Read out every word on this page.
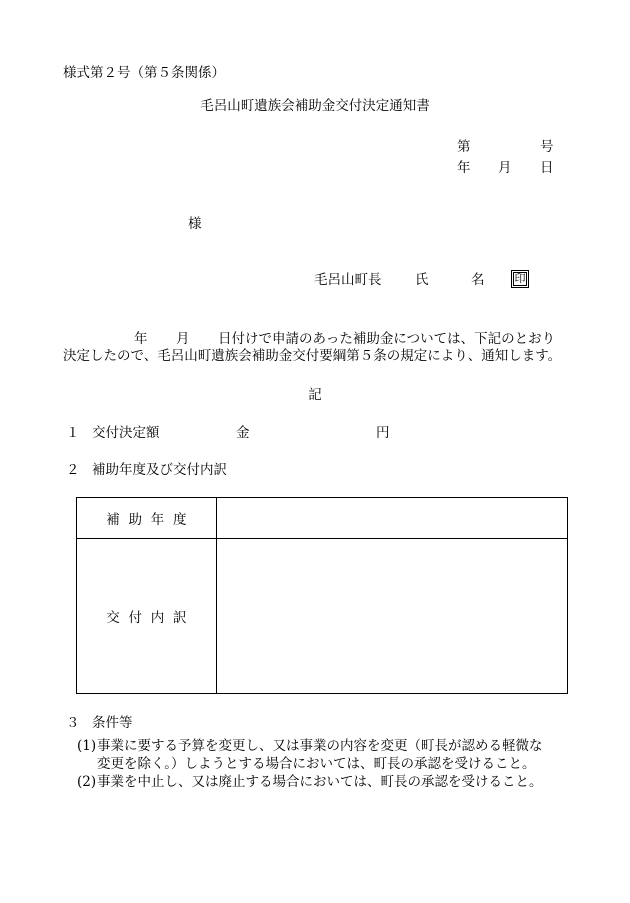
様式第２号（第５条関係）
毛呂山町遺族会補助金交付決定通知書
第	号
年 月 日
様
毛呂山町長 氏	名	印
年 月 日付けで申請のあった補助金については、下記のとおり
決定したので、毛呂山町遺族会補助金交付要綱第５条の規定により、通知します。
記
１ 交付決定額	金	円
２ 補助年度及び交付内訳
補助年度	
交付内訳	
３ 条件等
(1) 事業に要する予算を変更し、又は事業の内容を変更（町長が認める軽微な
変更を除く。）しようとする場合においては、町長の承認を受けること。
(2) 事業を中止し、又は廃止する場合においては、町長の承認を受けること。
